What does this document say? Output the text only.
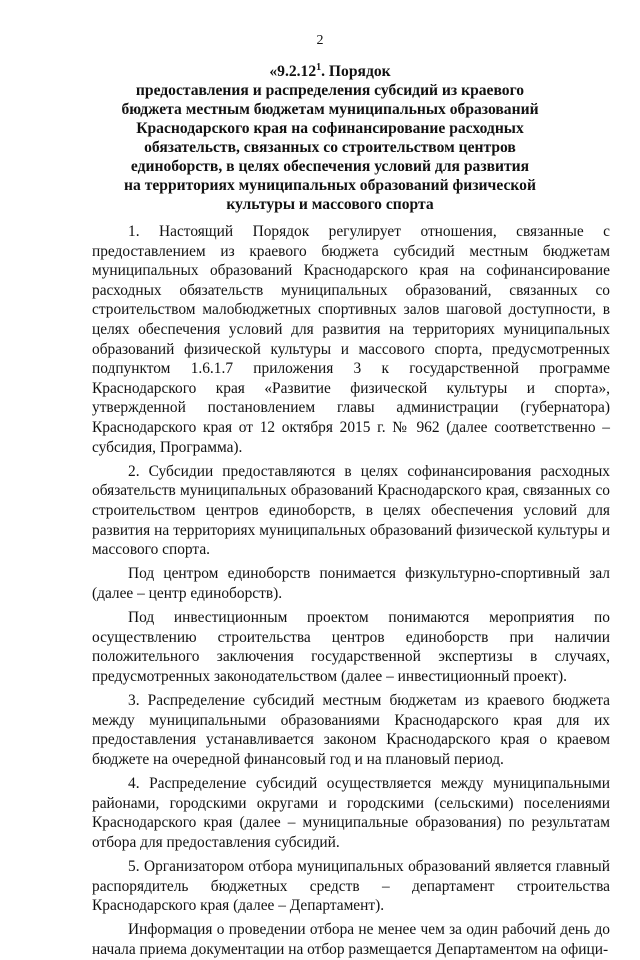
2
«9.2.12$^1$. Порядок
предоставления и распределения субсидий из краевого
бюджета местным бюджетам муниципальных образований
Краснодарского края на софинансирование расходных
обязательств, связанных со строительством центров
единоборств, в целях обеспечения условий для развития
на территориях муниципальных образований физической
культуры и массового спорта

1. Настоящий Порядок регулирует отношения, связанные с предоставлением из краевого бюджета субсидий местным бюджетам муниципальных образований Краснодарского края на софинансирование расходных обязательств муниципальных образований, связанных со строительством малобюджетных спортивных залов шаговой доступности, в целях обеспечения условий для развития на территориях муниципальных образований физической культуры и массового спорта, предусмотренных подпунктом 1.6.1.7 приложения 3 к государственной программе Краснодарского края «Развитие физической культуры и спорта», утвержденной постановлением главы администрации (губернатора) Краснодарского края от 12 октября 2015 г. № 962 (далее соответственно – субсидия, Программа).

2. Субсидии предоставляются в целях софинансирования расходных обязательств муниципальных образований Краснодарского края, связанных со строительством центров единоборств, в целях обеспечения условий для развития на территориях муниципальных образований физической культуры и массового спорта.

Под центром единоборств понимается физкультурно-спортивный зал (далее – центр единоборств).

Под инвестиционным проектом понимаются мероприятия по осуществлению строительства центров единоборств при наличии положительного заключения государственной экспертизы в случаях, предусмотренных законодательством (далее – инвестиционный проект).

3. Распределение субсидий местным бюджетам из краевого бюджета между муниципальными образованиями Краснодарского края для их предоставления устанавливается законом Краснодарского края о краевом бюджете на очередной финансовый год и на плановый период.

4. Распределение субсидий осуществляется между муниципальными районами, городскими округами и городскими (сельскими) поселениями Краснодарского края (далее – муниципальные образования) по результатам отбора для предоставления субсидий.

5. Организатором отбора муниципальных образований является главный распорядитель бюджетных средств – департамент строительства Краснодарского края (далее – Департамент).

Информация о проведении отбора не менее чем за один рабочий день до начала приема документации на отбор размещается Департаментом на офици-
